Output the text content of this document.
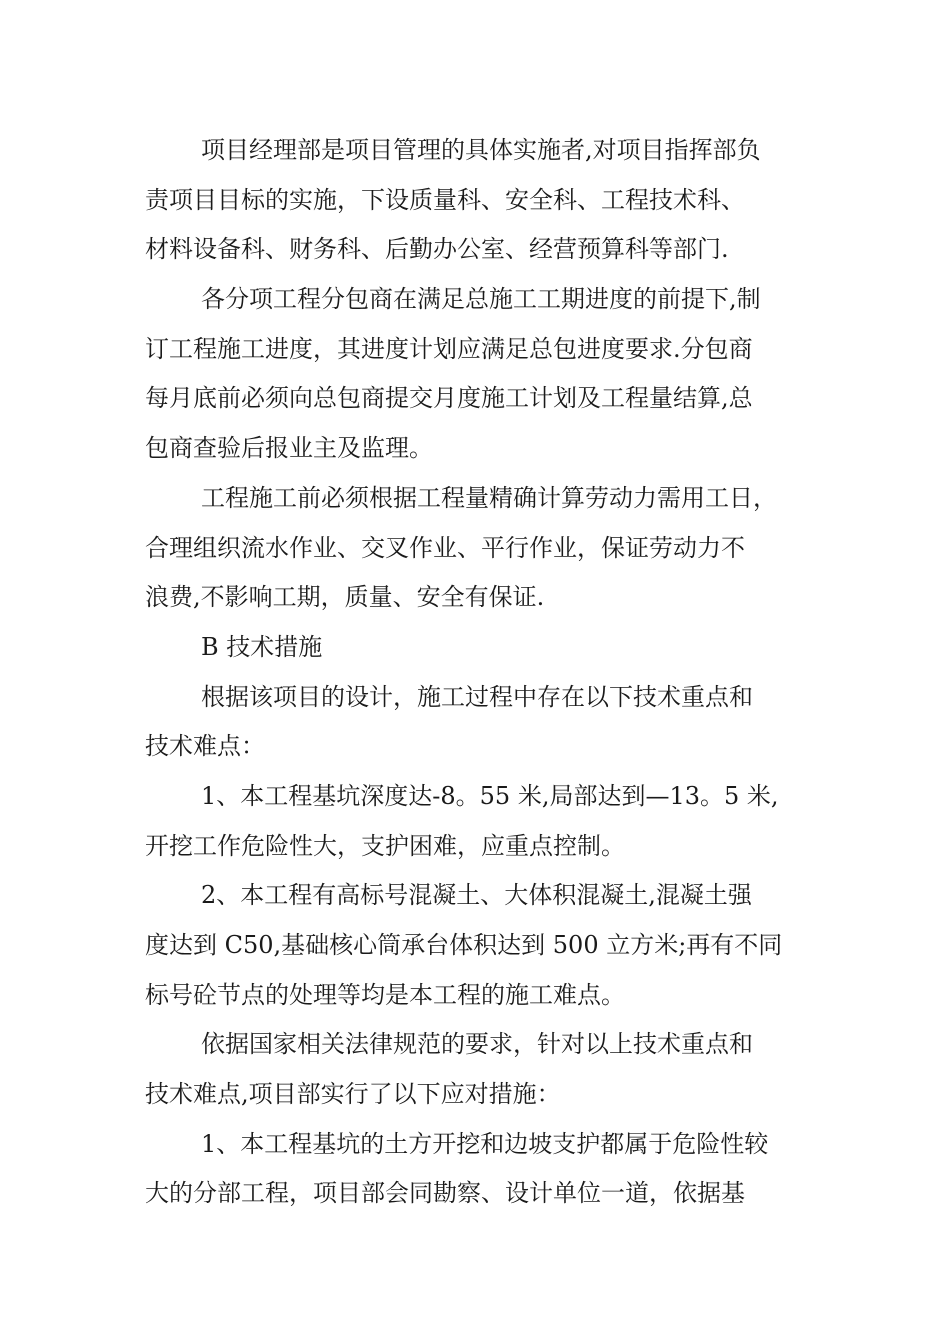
项目经理部是项目管理的具体实施者,对项目指挥部负
责项目目标的实施，下设质量科、安全科、工程技术科、
材料设备科、财务科、后勤办公室、经营预算科等部门.
各分项工程分包商在满足总施工工期进度的前提下,制
订工程施工进度，其进度计划应满足总包进度要求.分包商
每月底前必须向总包商提交月度施工计划及工程量结算,总
包商查验后报业主及监理。
工程施工前必须根据工程量精确计算劳动力需用工日，
合理组织流水作业、交叉作业、平行作业，保证劳动力不
浪费,不影响工期，质量、安全有保证.
B 技术措施
根据该项目的设计，施工过程中存在以下技术重点和
技术难点：
1、本工程基坑深度达-8。55 米,局部达到—13。5 米,
开挖工作危险性大，支护困难，应重点控制。
2、本工程有高标号混凝土、大体积混凝土,混凝土强
度达到 C50,基础核心筒承台体积达到 500 立方米;再有不同
标号砼节点的处理等均是本工程的施工难点。
依据国家相关法律规范的要求，针对以上技术重点和
技术难点,项目部实行了以下应对措施：
1、本工程基坑的土方开挖和边坡支护都属于危险性较
大的分部工程，项目部会同勘察、设计单位一道，依据基
